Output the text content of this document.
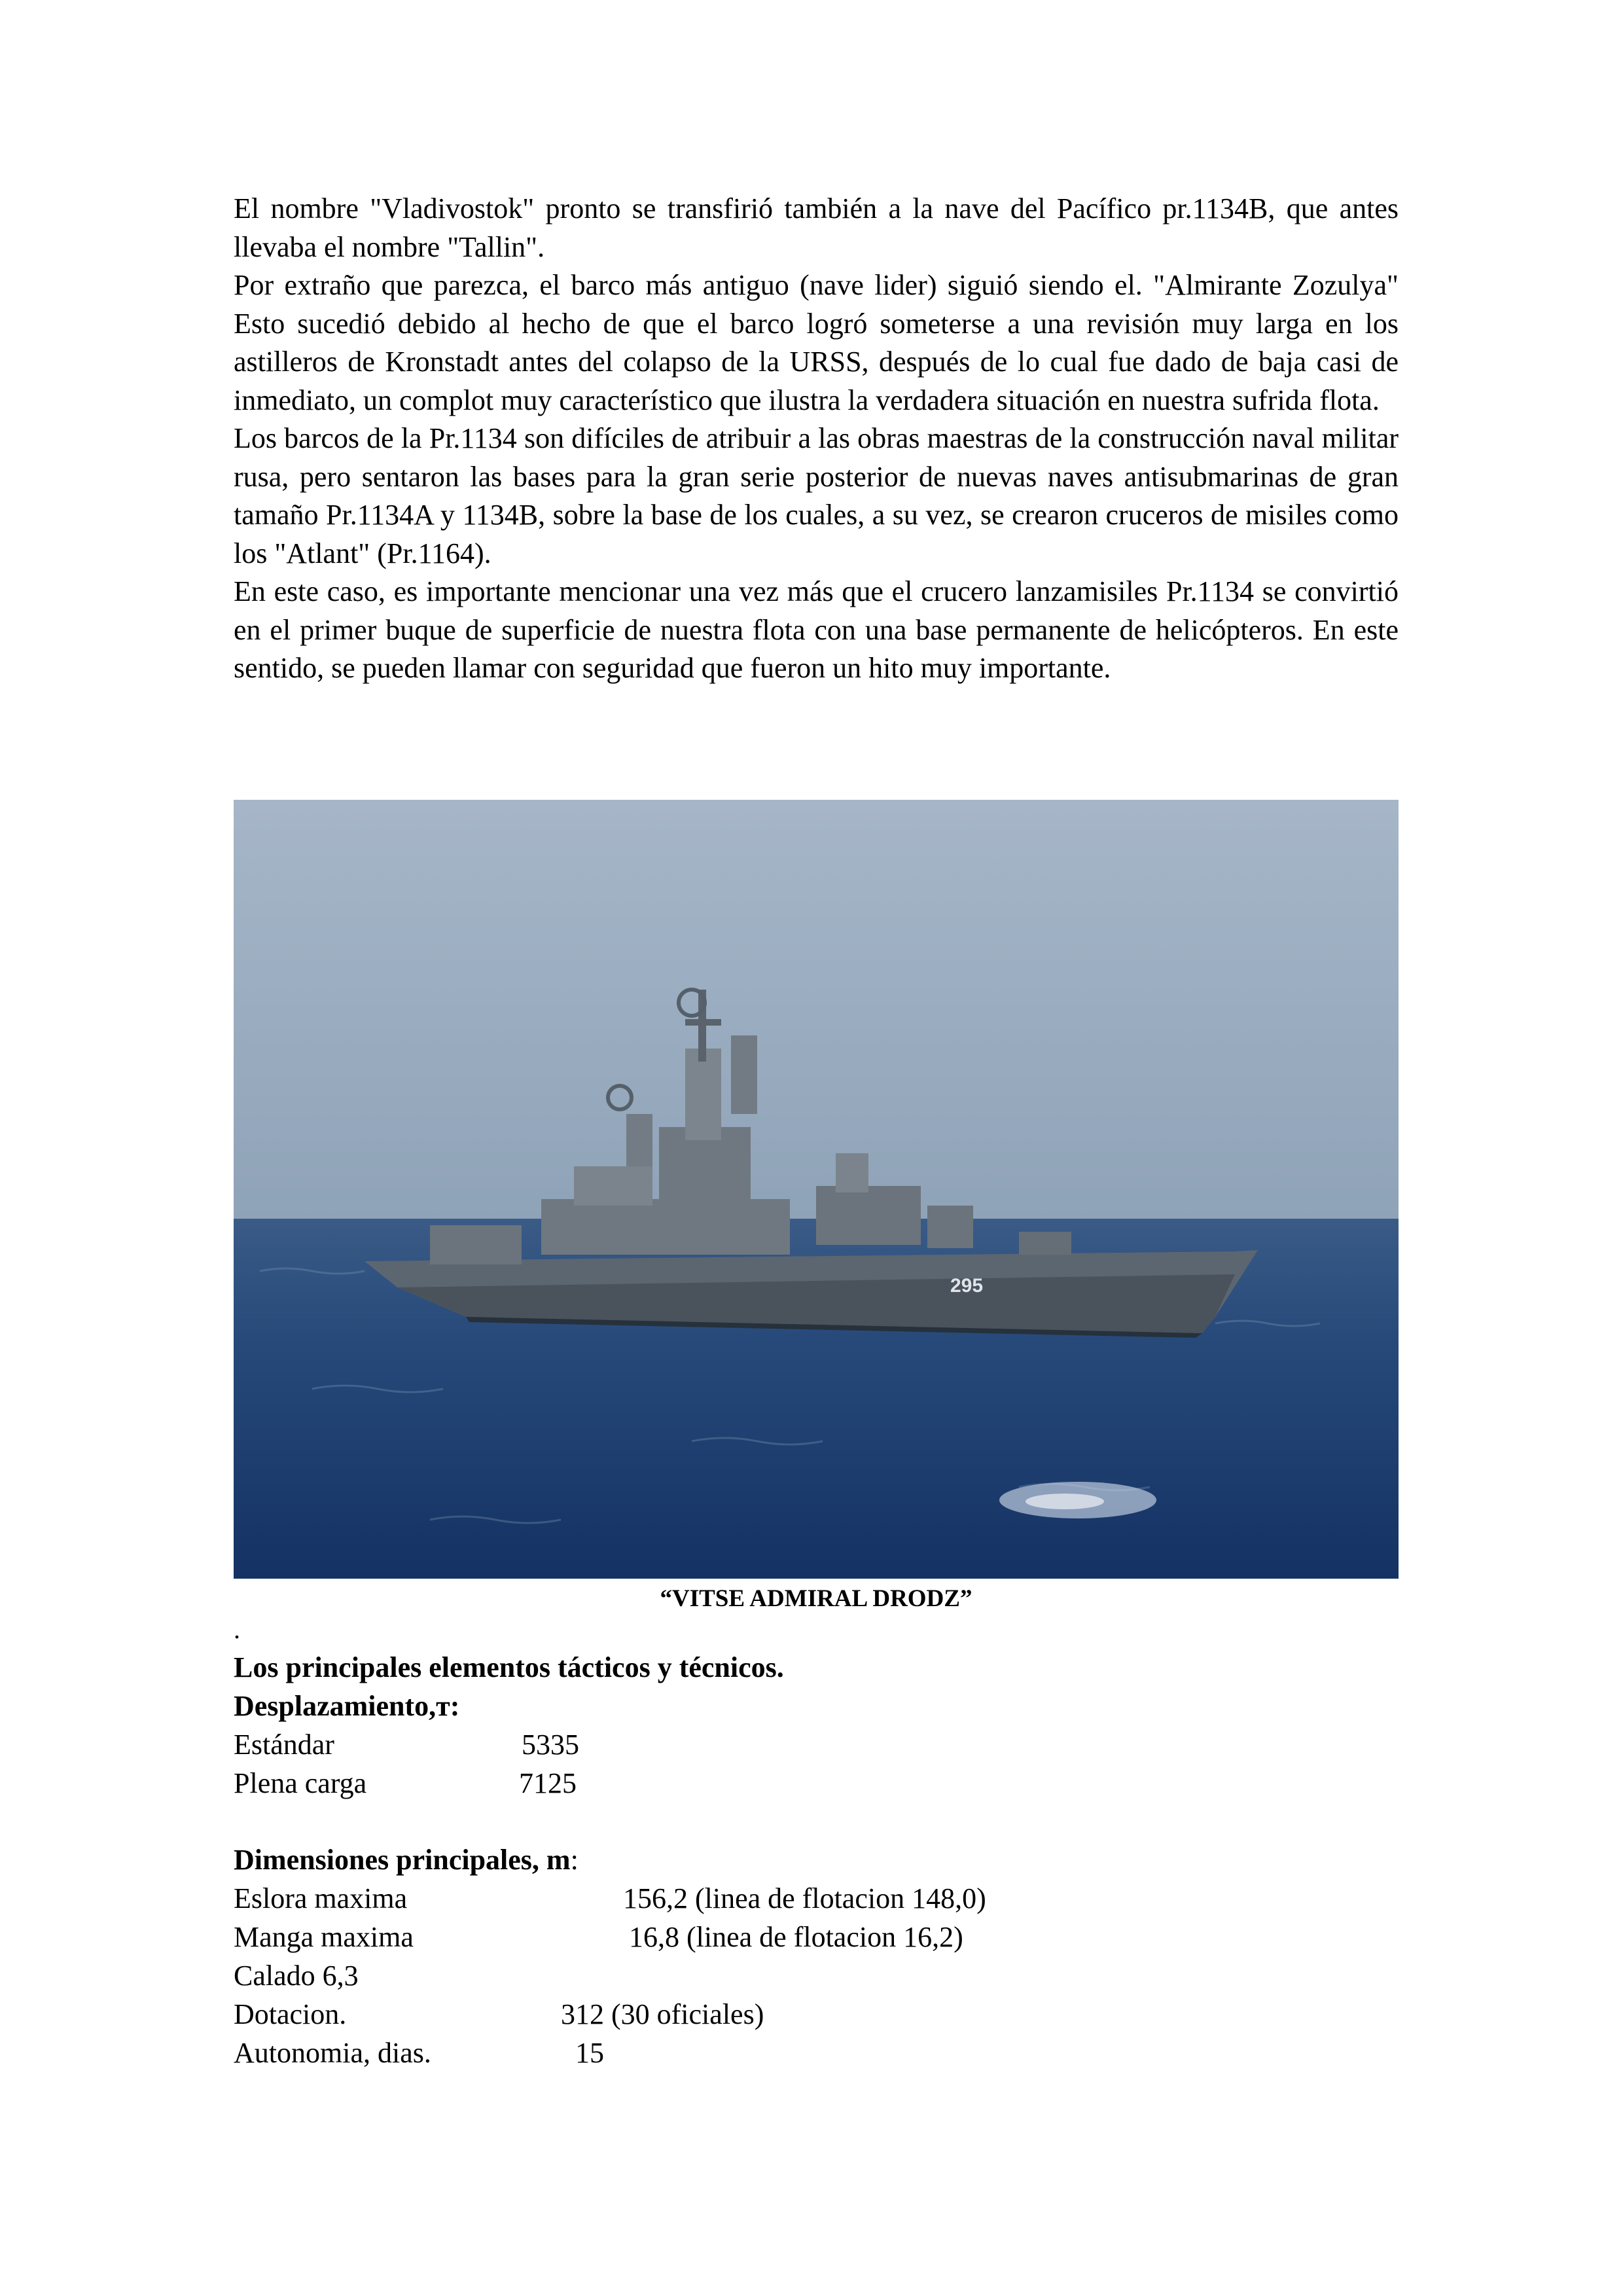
El nombre "Vladivostok" pronto se transfirió también a la nave del Pacífico pr.1134B, que antes llevaba el nombre "Tallin".

Por extraño que parezca, el barco más antiguo (nave lider) siguió siendo el. "Almirante Zozulya" Esto sucedió debido al hecho de que el barco logró someterse a una revisión muy larga en los astilleros de Kronstadt antes del colapso de la URSS, después de lo cual fue dado de baja casi de inmediato, un complot muy característico que ilustra la verdadera situación en nuestra sufrida flota.

Los barcos de la Pr.1134 son difíciles de atribuir a las obras maestras de la construcción naval militar rusa, pero sentaron las bases para la gran serie posterior de nuevas naves antisubmarinas de gran tamaño Pr.1134A y 1134B, sobre la base de los cuales, a su vez, se crearon cruceros de misiles como los "Atlant" (Pr.1164).

En este caso, es importante mencionar una vez más que el crucero lanzamisiles Pr.1134 se convirtió en el primer buque de superficie de nuestra flota con una base permanente de helicópteros. En este sentido, se pueden llamar con seguridad que fueron un hito muy importante.

295
“VITSE ADMIRAL DRODZ”
.
Los principales elementos tácticos y técnicos.
Desplazamiento,т:
Estándar	5335
Plena carga	7125
Dimensiones principales, m:
Eslora maxima	156,2 (linea de flotacion 148,0)
Manga maxima	16,8 (linea de flotacion 16,2)
Calado 6,3
Dotacion.	312 (30 oficiales)
Autonomia, dias.	15
